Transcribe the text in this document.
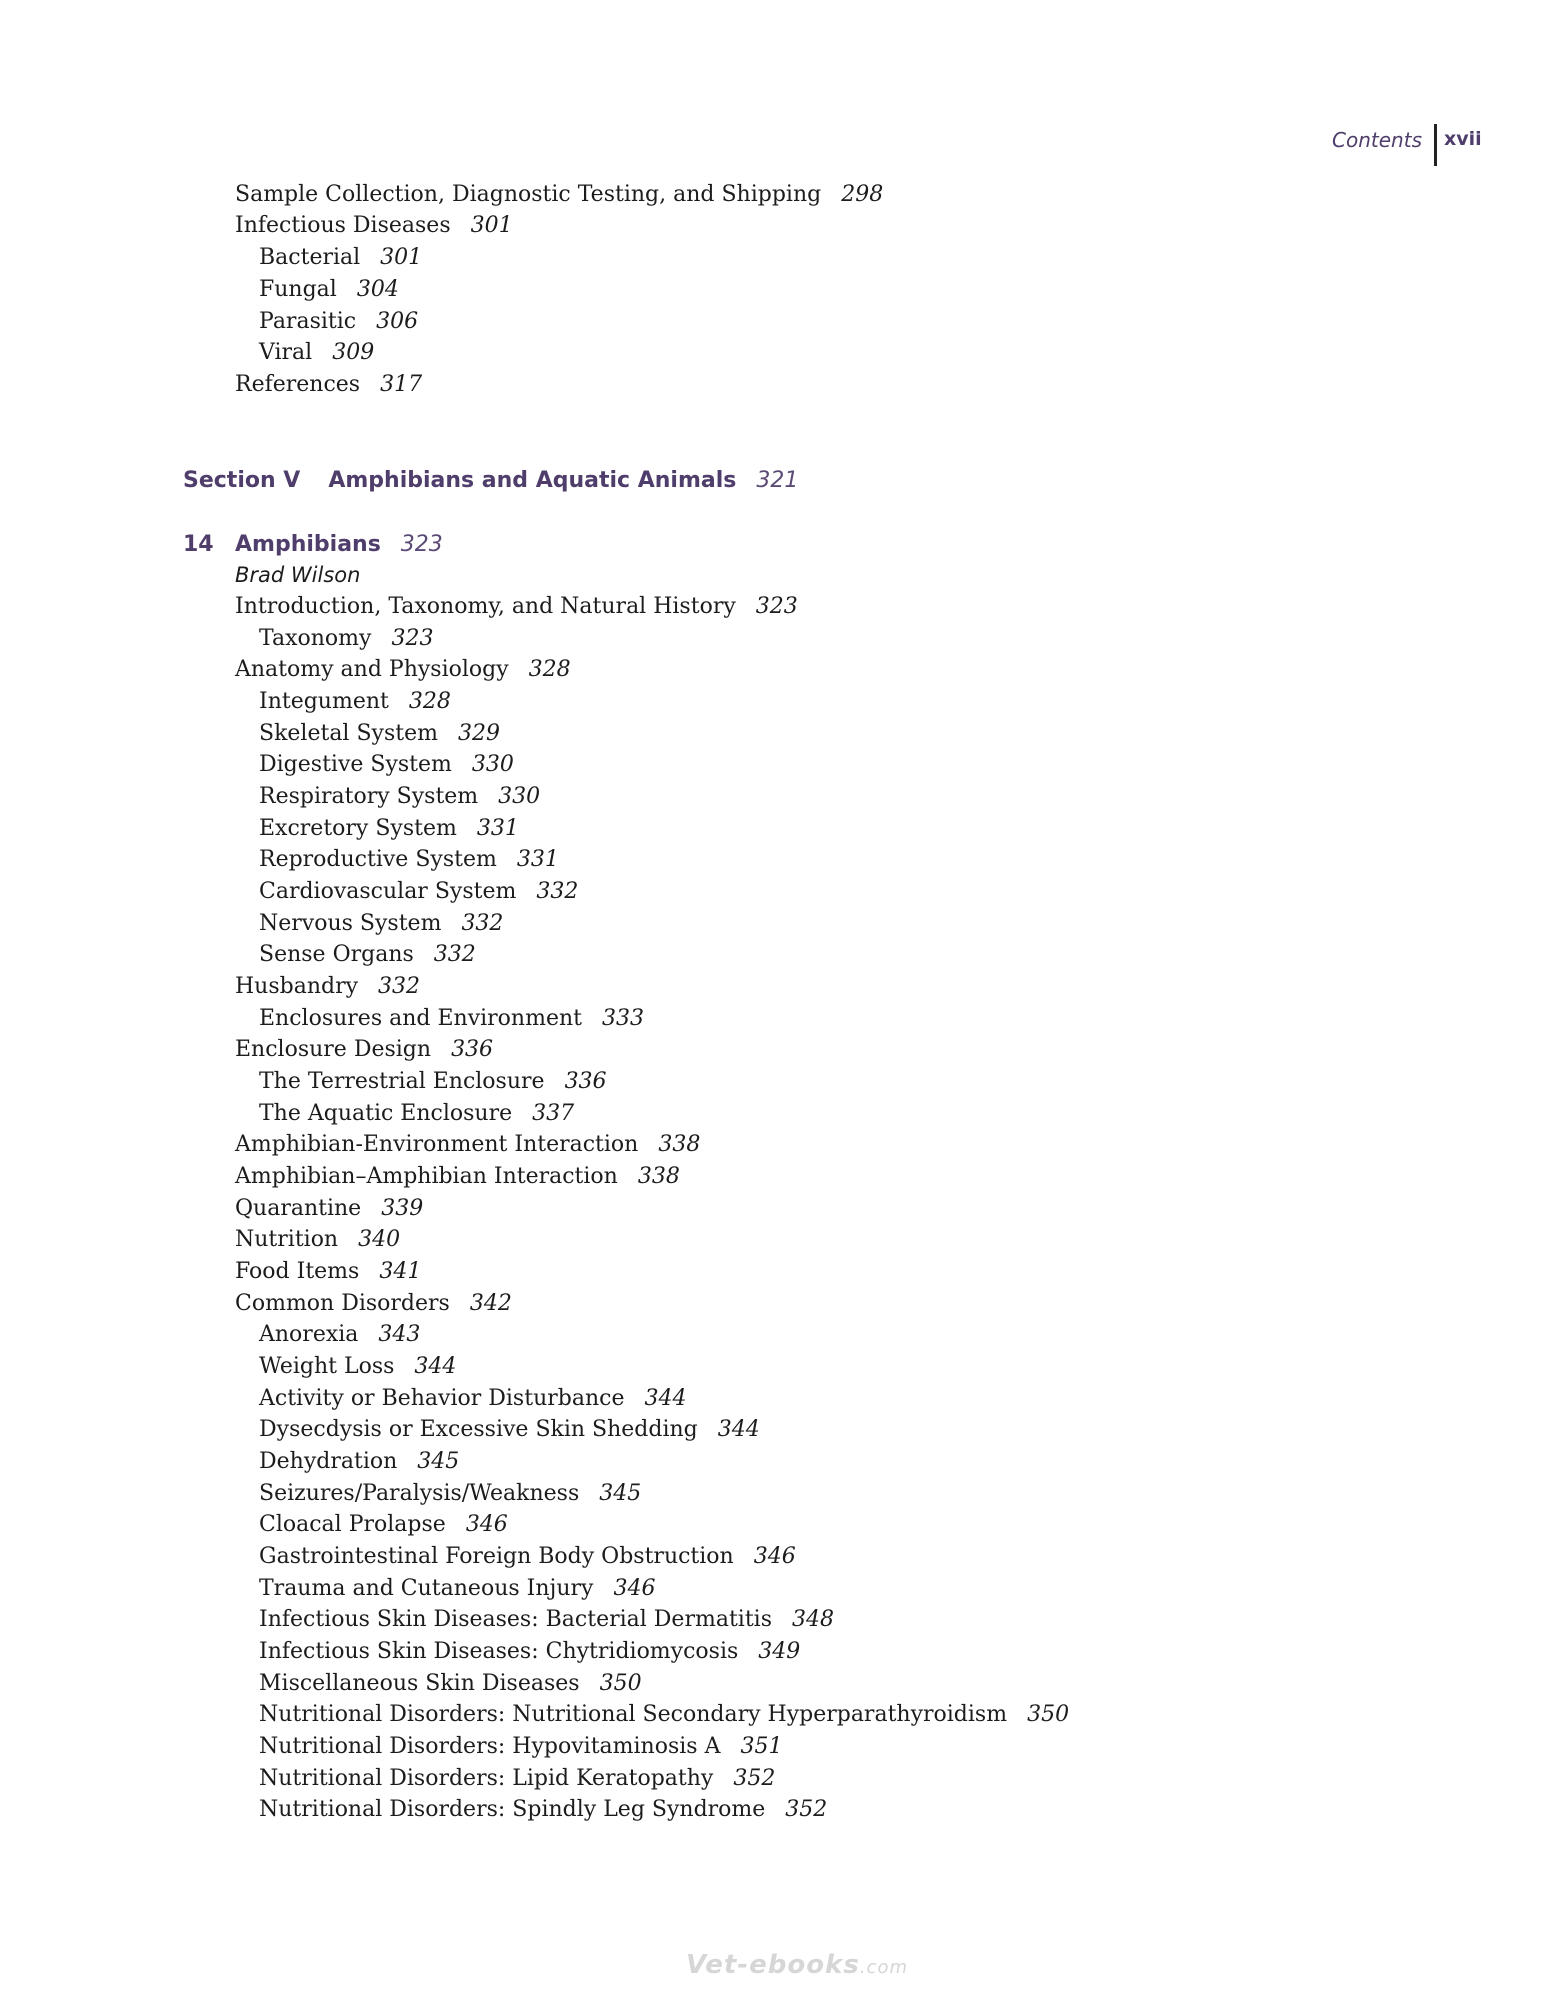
Contents xvii
Sample Collection, Diagnostic Testing, and Shipping 298
Infectious Diseases 301
Bacterial 301
Fungal 304
Parasitic 306
Viral 309
References 317
Section V Amphibians and Aquatic Animals 321
14 Amphibians 323
Brad Wilson
Introduction, Taxonomy, and Natural History 323
Taxonomy 323
Anatomy and Physiology 328
Integument 328
Skeletal System 329
Digestive System 330
Respiratory System 330
Excretory System 331
Reproductive System 331
Cardiovascular System 332
Nervous System 332
Sense Organs 332
Husbandry 332
Enclosures and Environment 333
Enclosure Design 336
The Terrestrial Enclosure 336
The Aquatic Enclosure 337
Amphibian-Environment Interaction 338
Amphibian–Amphibian Interaction 338
Quarantine 339
Nutrition 340
Food Items 341
Common Disorders 342
Anorexia 343
Weight Loss 344
Activity or Behavior Disturbance 344
Dysecdysis or Excessive Skin Shedding 344
Dehydration 345
Seizures/Paralysis/Weakness 345
Cloacal Prolapse 346
Gastrointestinal Foreign Body Obstruction 346
Trauma and Cutaneous Injury 346
Infectious Skin Diseases: Bacterial Dermatitis 348
Infectious Skin Diseases: Chytridiomycosis 349
Miscellaneous Skin Diseases 350
Nutritional Disorders: Nutritional Secondary Hyperparathyroidism 350
Nutritional Disorders: Hypovitaminosis A 351
Nutritional Disorders: Lipid Keratopathy 352
Nutritional Disorders: Spindly Leg Syndrome 352
Vet-ebooks.com
